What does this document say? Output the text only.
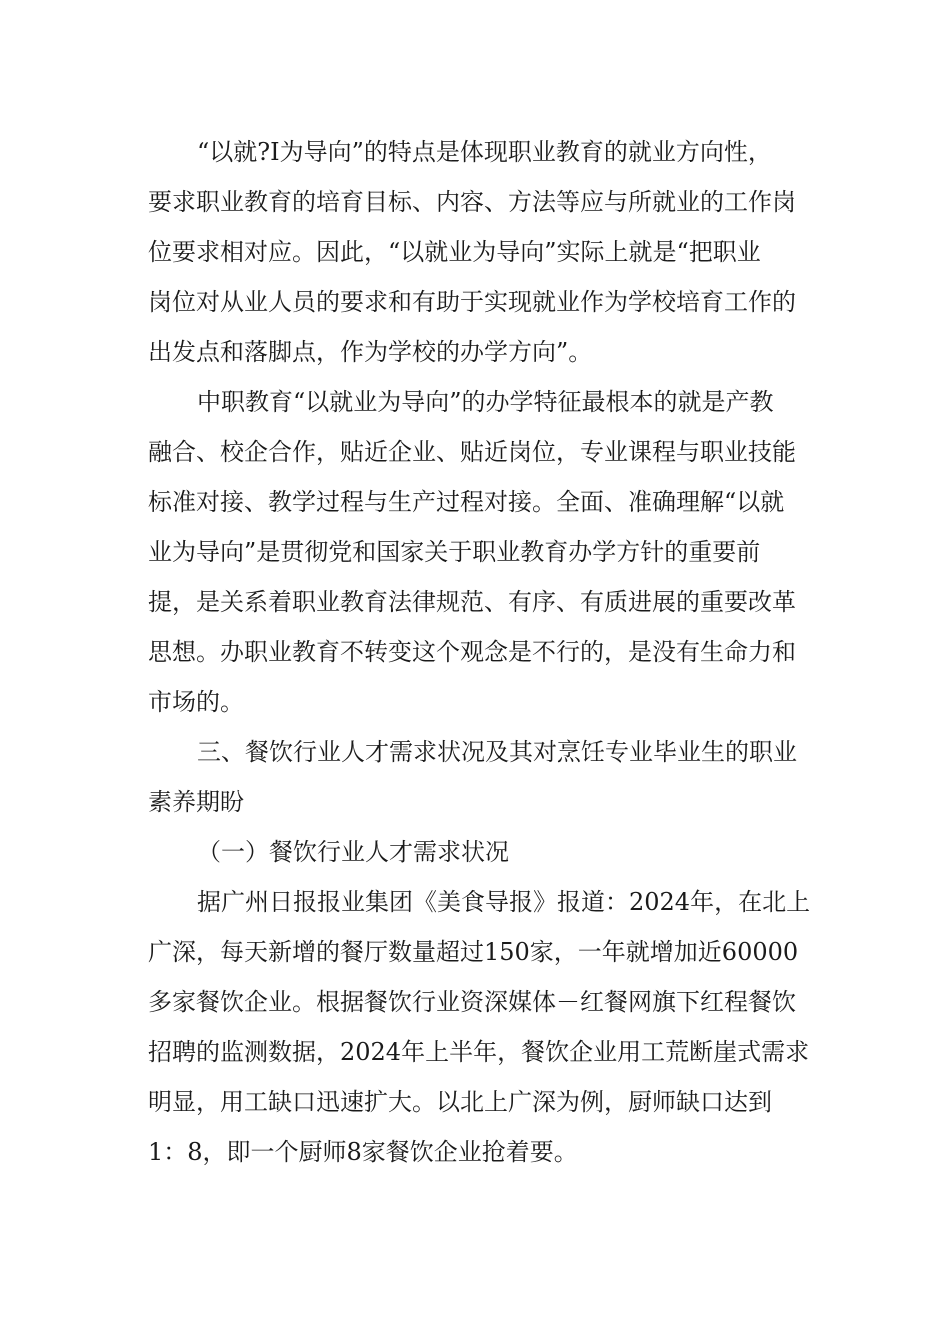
“以就?I为导向”的特点是体现职业教育的就业方向性，
要求职业教育的培育目标、内容、方法等应与所就业的工作岗
位要求相对应。因此，“以就业为导向”实际上就是“把职业
岗位对从业人员的要求和有助于实现就业作为学校培育工作的
出发点和落脚点，作为学校的办学方向”。
中职教育“以就业为导向”的办学特征最根本的就是产教
融合、校企合作，贴近企业、贴近岗位，专业课程与职业技能
标准对接、教学过程与生产过程对接。全面、准确理解“以就
业为导向”是贯彻党和国家关于职业教育办学方针的重要前
提，是关系着职业教育法律规范、有序、有质进展的重要改革
思想。办职业教育不转变这个观念是不行的，是没有生命力和
市场的。
三、餐饮行业人才需求状况及其对烹饪专业毕业生的职业
素养期盼
（一）餐饮行业人才需求状况
据广州日报报业集团《美食导报》报道：2024年，在北上
广深，每天新增的餐厅数量超过150家，一年就增加近60000
多家餐饮企业。根据餐饮行业资深媒体－红餐网旗下红程餐饮
招聘的监测数据，2024年上半年，餐饮企业用工荒断崖式需求
明显，用工缺口迅速扩大。以北上广深为例，厨师缺口达到
1：8，即一个厨师8家餐饮企业抢着要。
